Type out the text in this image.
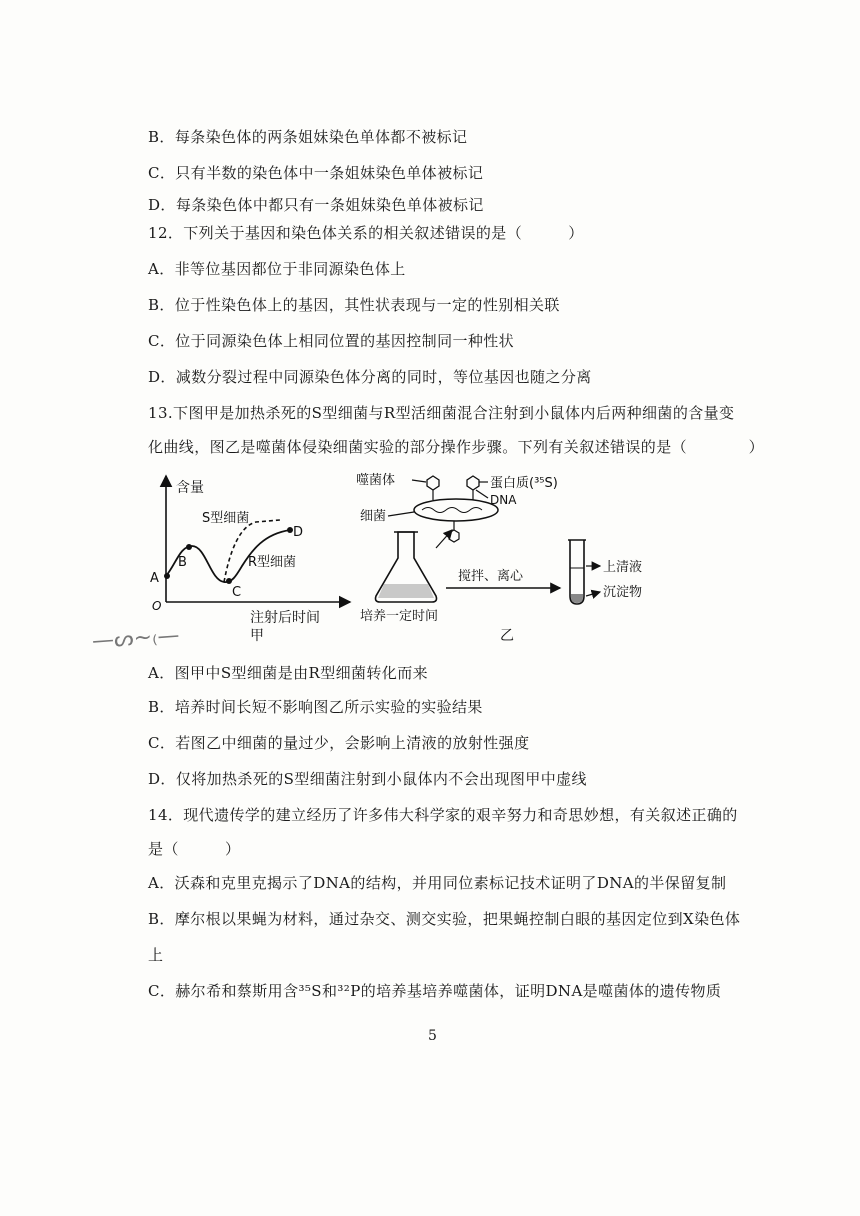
B．每条染色体的两条姐妹染色单体都不被标记
C．只有半数的染色体中一条姐妹染色单体被标记
D．每条染色体中都只有一条姐妹染色单体被标记
12．下列关于基因和染色体关系的相关叙述错误的是（　　　）
A．非等位基因都位于非同源染色体上
B．位于性染色体上的基因，其性状表现与一定的性别相关联
C．位于同源染色体上相同位置的基因控制同一种性状
D．减数分裂过程中同源染色体分离的同时，等位基因也随之分离
13.下图甲是加热杀死的S型细菌与R型活细菌混合注射到小鼠体内后两种细菌的含量变
化曲线，图乙是噬菌体侵染细菌实验的部分操作步骤。下列有关叙述错误的是（　　　　）
含量
A
B
C
D
O
S型细菌
R型细菌
注射后时间
甲
噬菌体	蛋白质(³⁵S)
DNA
细菌
培养一定时间
搅拌、离心
上清液
沉淀物
乙
—ᔕ~₍—
A．图甲中S型细菌是由R型细菌转化而来
B．培养时间长短不影响图乙所示实验的实验结果
C．若图乙中细菌的量过少，会影响上清液的放射性强度
D．仅将加热杀死的S型细菌注射到小鼠体内不会出现图甲中虚线
14．现代遗传学的建立经历了许多伟大科学家的艰辛努力和奇思妙想，有关叙述正确的
是（　　　）
A．沃森和克里克揭示了DNA的结构，并用同位素标记技术证明了DNA的半保留复制
B．摩尔根以果蝇为材料，通过杂交、测交实验，把果蝇控制白眼的基因定位到X染色体
上
C．赫尔希和蔡斯用含³⁵S和³²P的培养基培养噬菌体，证明DNA是噬菌体的遗传物质
5
